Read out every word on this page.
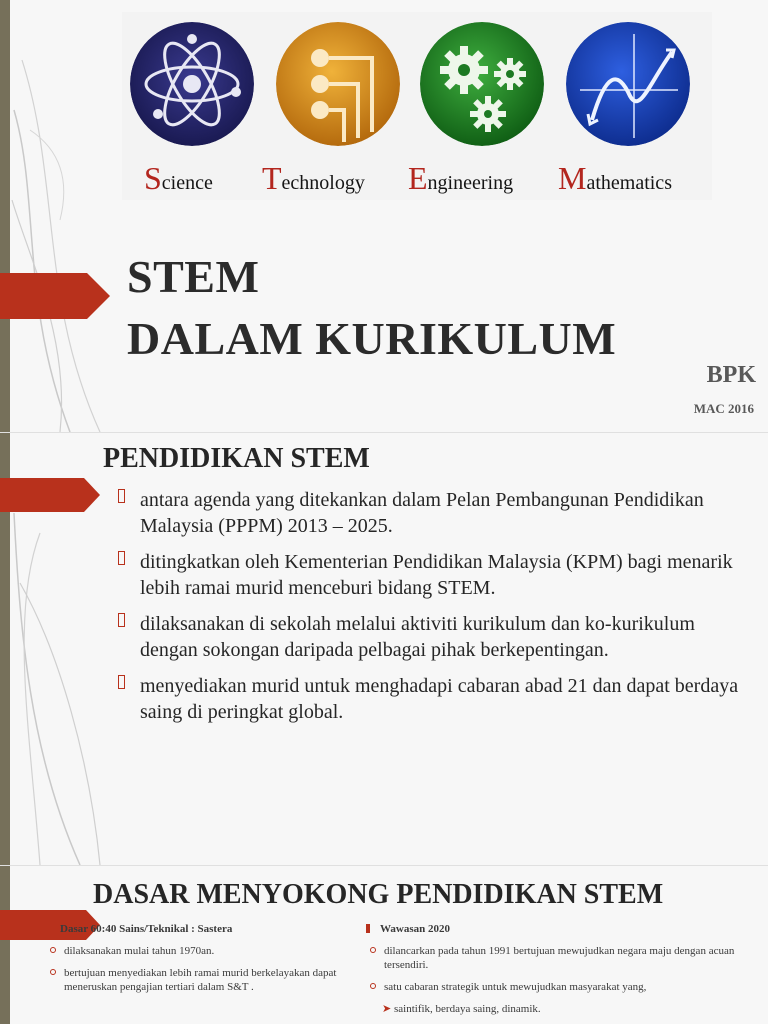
Science Technology Engineering Mathematics
STEM
DALAM KURIKULUM
BPK
MAC 2016
PENDIDIKAN STEM
antara agenda yang ditekankan dalam Pelan Pembangunan Pendidikan Malaysia (PPPM) 2013 – 2025.
ditingkatkan oleh Kementerian Pendidikan Malaysia (KPM) bagi menarik lebih ramai murid menceburi bidang STEM.
dilaksanakan di sekolah melalui aktiviti kurikulum dan ko-kurikulum dengan sokongan daripada pelbagai pihak berkepentingan.
menyediakan murid untuk menghadapi cabaran abad 21 dan dapat berdaya saing di peringkat global.
Dasar 60:40 Sains/Teknikal : Sastera
dilaksanakan mulai tahun 1970an.
bertujuan menyediakan lebih ramai murid berkelayakan dapat meneruskan pengajian tertiari dalam S&T .
Wawasan 2020
dilancarkan pada tahun 1991 bertujuan mewujudkan negara maju dengan acuan tersendiri.
satu cabaran strategik untuk mewujudkan masyarakat yang,
➤ saintifik, berdaya saing, dinamik.
DASAR MENYOKONG PENDIDIKAN STEM
